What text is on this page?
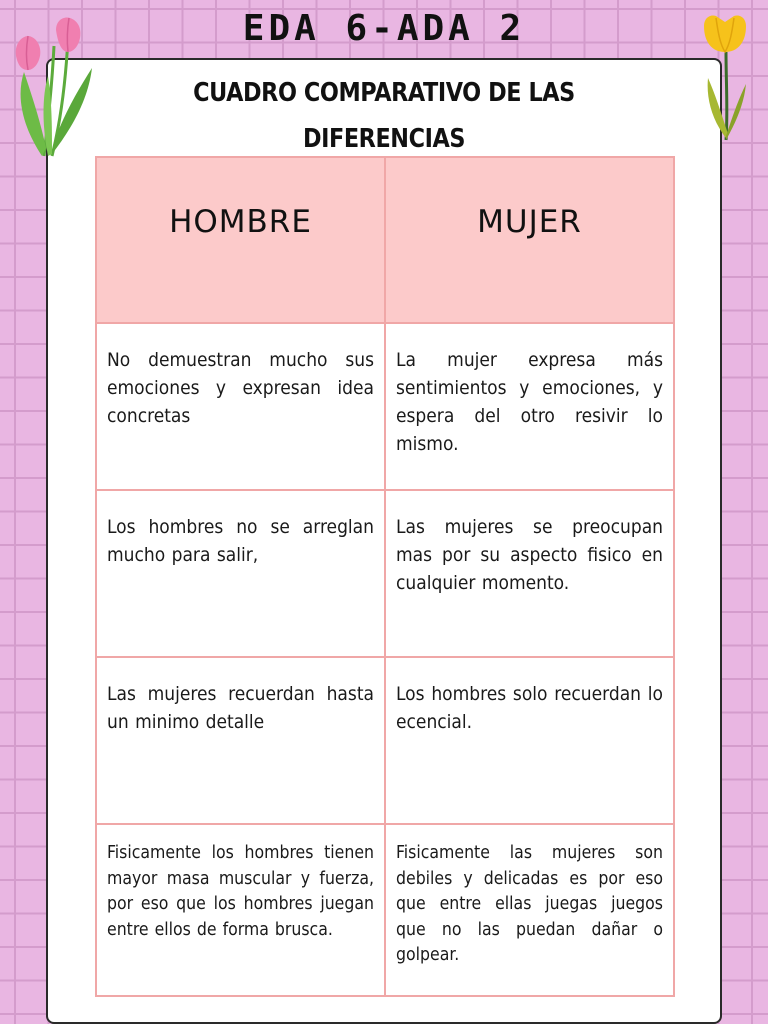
EDA 6-ADA 2
CUADRO COMPARATIVO DE LAS DIFERENCIAS

HOMBRE	MUJER
No demuestran mucho sus emociones y expresan idea concretas	La mujer expresa más sentimientos y emociones, y espera del otro resivir lo mismo.
Los hombres no se arreglan mucho para salir,	Las mujeres se preocupan mas por su aspecto fisico en cualquier momento.
Las mujeres recuerdan hasta un minimo detalle	Los hombres solo recuerdan lo ecencial.
Fisicamente los hombres tienen mayor masa muscular y fuerza, por eso que los hombres juegan entre ellos de forma brusca.	Fisicamente las mujeres son debiles y delicadas es por eso que entre ellas juegas juegos que no las puedan dañar o golpear.
